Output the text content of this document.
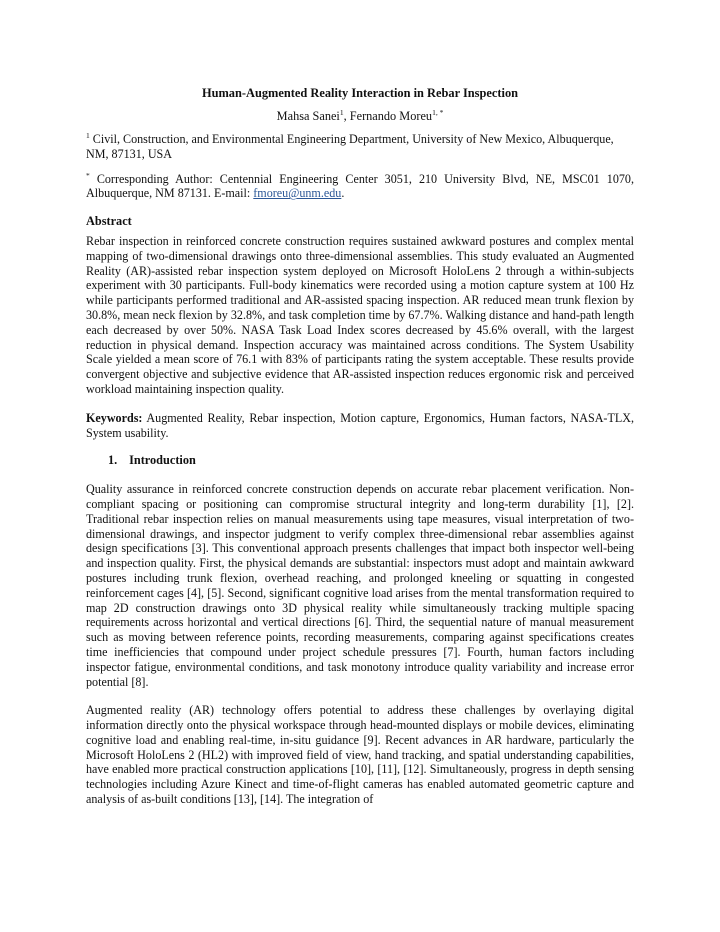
Human-Augmented Reality Interaction in Rebar Inspection
Mahsa Sanei$^1$, Fernando Moreu$^{1, *}$
$^1$ Civil, Construction, and Environmental Engineering Department, University of New Mexico, Albuquerque, NM, 87131, USA
* Corresponding Author: Centennial Engineering Center 3051, 210 University Blvd, NE, MSC01 1070, Albuquerque, NM 87131. E-mail: fmoreu@unm.edu.
Abstract
Rebar inspection in reinforced concrete construction requires sustained awkward postures and complex mental mapping of two-dimensional drawings onto three-dimensional assemblies. This study evaluated an Augmented Reality (AR)-assisted rebar inspection system deployed on Microsoft HoloLens 2 through a within-subjects experiment with 30 participants. Full-body kinematics were recorded using a motion capture system at 100 Hz while participants performed traditional and AR-assisted spacing inspection. AR reduced mean trunk flexion by 30.8%, mean neck flexion by 32.8%, and task completion time by 67.7%. Walking distance and hand-path length each decreased by over 50%. NASA Task Load Index scores decreased by 45.6% overall, with the largest reduction in physical demand. Inspection accuracy was maintained across conditions. The System Usability Scale yielded a mean score of 76.1 with 83% of participants rating the system acceptable. These results provide convergent objective and subjective evidence that AR-assisted inspection reduces ergonomic risk and perceived workload maintaining inspection quality.
Keywords: Augmented Reality, Rebar inspection, Motion capture, Ergonomics, Human factors, NASA-TLX, System usability.
1. Introduction
Quality assurance in reinforced concrete construction depends on accurate rebar placement verification. Non-compliant spacing or positioning can compromise structural integrity and long-term durability [1], [2]. Traditional rebar inspection relies on manual measurements using tape measures, visual interpretation of two-dimensional drawings, and inspector judgment to verify complex three-dimensional rebar assemblies against design specifications [3]. This conventional approach presents challenges that impact both inspector well-being and inspection quality. First, the physical demands are substantial: inspectors must adopt and maintain awkward postures including trunk flexion, overhead reaching, and prolonged kneeling or squatting in congested reinforcement cages [4], [5]. Second, significant cognitive load arises from the mental transformation required to map 2D construction drawings onto 3D physical reality while simultaneously tracking multiple spacing requirements across horizontal and vertical directions [6]. Third, the sequential nature of manual measurement such as moving between reference points, recording measurements, comparing against specifications creates time inefficiencies that compound under project schedule pressures [7]. Fourth, human factors including inspector fatigue, environmental conditions, and task monotony introduce quality variability and increase error potential [8].
Augmented reality (AR) technology offers potential to address these challenges by overlaying digital information directly onto the physical workspace through head-mounted displays or mobile devices, eliminating cognitive load and enabling real-time, in-situ guidance [9]. Recent advances in AR hardware, particularly the Microsoft HoloLens 2 (HL2) with improved field of view, hand tracking, and spatial understanding capabilities, have enabled more practical construction applications [10], [11], [12]. Simultaneously, progress in depth sensing technologies including Azure Kinect and time-of-flight cameras has enabled automated geometric capture and analysis of as-built conditions [13], [14]. The integration of
